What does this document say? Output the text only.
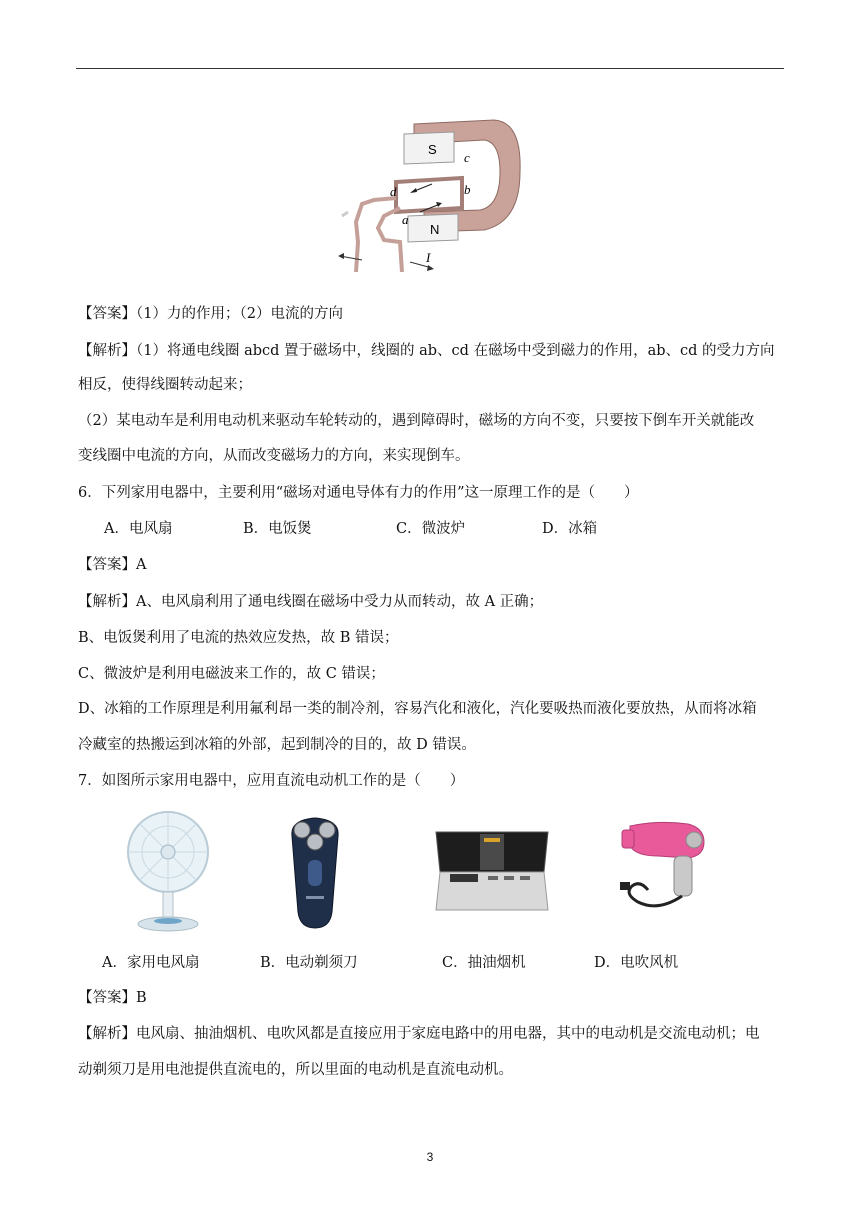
S
c
d	b
a
N
I
【答案】（1）力的作用；（2）电流的方向
【解析】（1）将通电线圈 abcd 置于磁场中，线圈的 ab、cd 在磁场中受到磁力的作用，ab、cd 的受力方向
相反，使得线圈转动起来；
（2）某电动车是利用电动机来驱动车轮转动的，遇到障碍时，磁场的方向不变，只要按下倒车开关就能改
变线圈中电流的方向，从而改变磁场力的方向，来实现倒车。
6．下列家用电器中，主要利用“磁场对通电导体有力的作用”这一原理工作的是（　　）
A．电风扇	B．电饭煲	C．微波炉	D．冰箱
【答案】A
【解析】A、电风扇利用了通电线圈在磁场中受力从而转动，故 A 正确；
B、电饭煲利用了电流的热效应发热，故 B 错误；
C、微波炉是利用电磁波来工作的，故 C 错误；
D、冰箱的工作原理是利用氟利昂一类的制冷剂，容易汽化和液化，汽化要吸热而液化要放热，从而将冰箱
冷藏室的热搬运到冰箱的外部，起到制冷的目的，故 D 错误。
7．如图所示家用电器中，应用直流电动机工作的是（　　）
A．家用电风扇	B．电动剃须刀	C．抽油烟机	D．电吹风机
【答案】B
【解析】电风扇、抽油烟机、电吹风都是直接应用于家庭电路中的用电器，其中的电动机是交流电动机；电
动剃须刀是用电池提供直流电的，所以里面的电动机是直流电动机。
3
